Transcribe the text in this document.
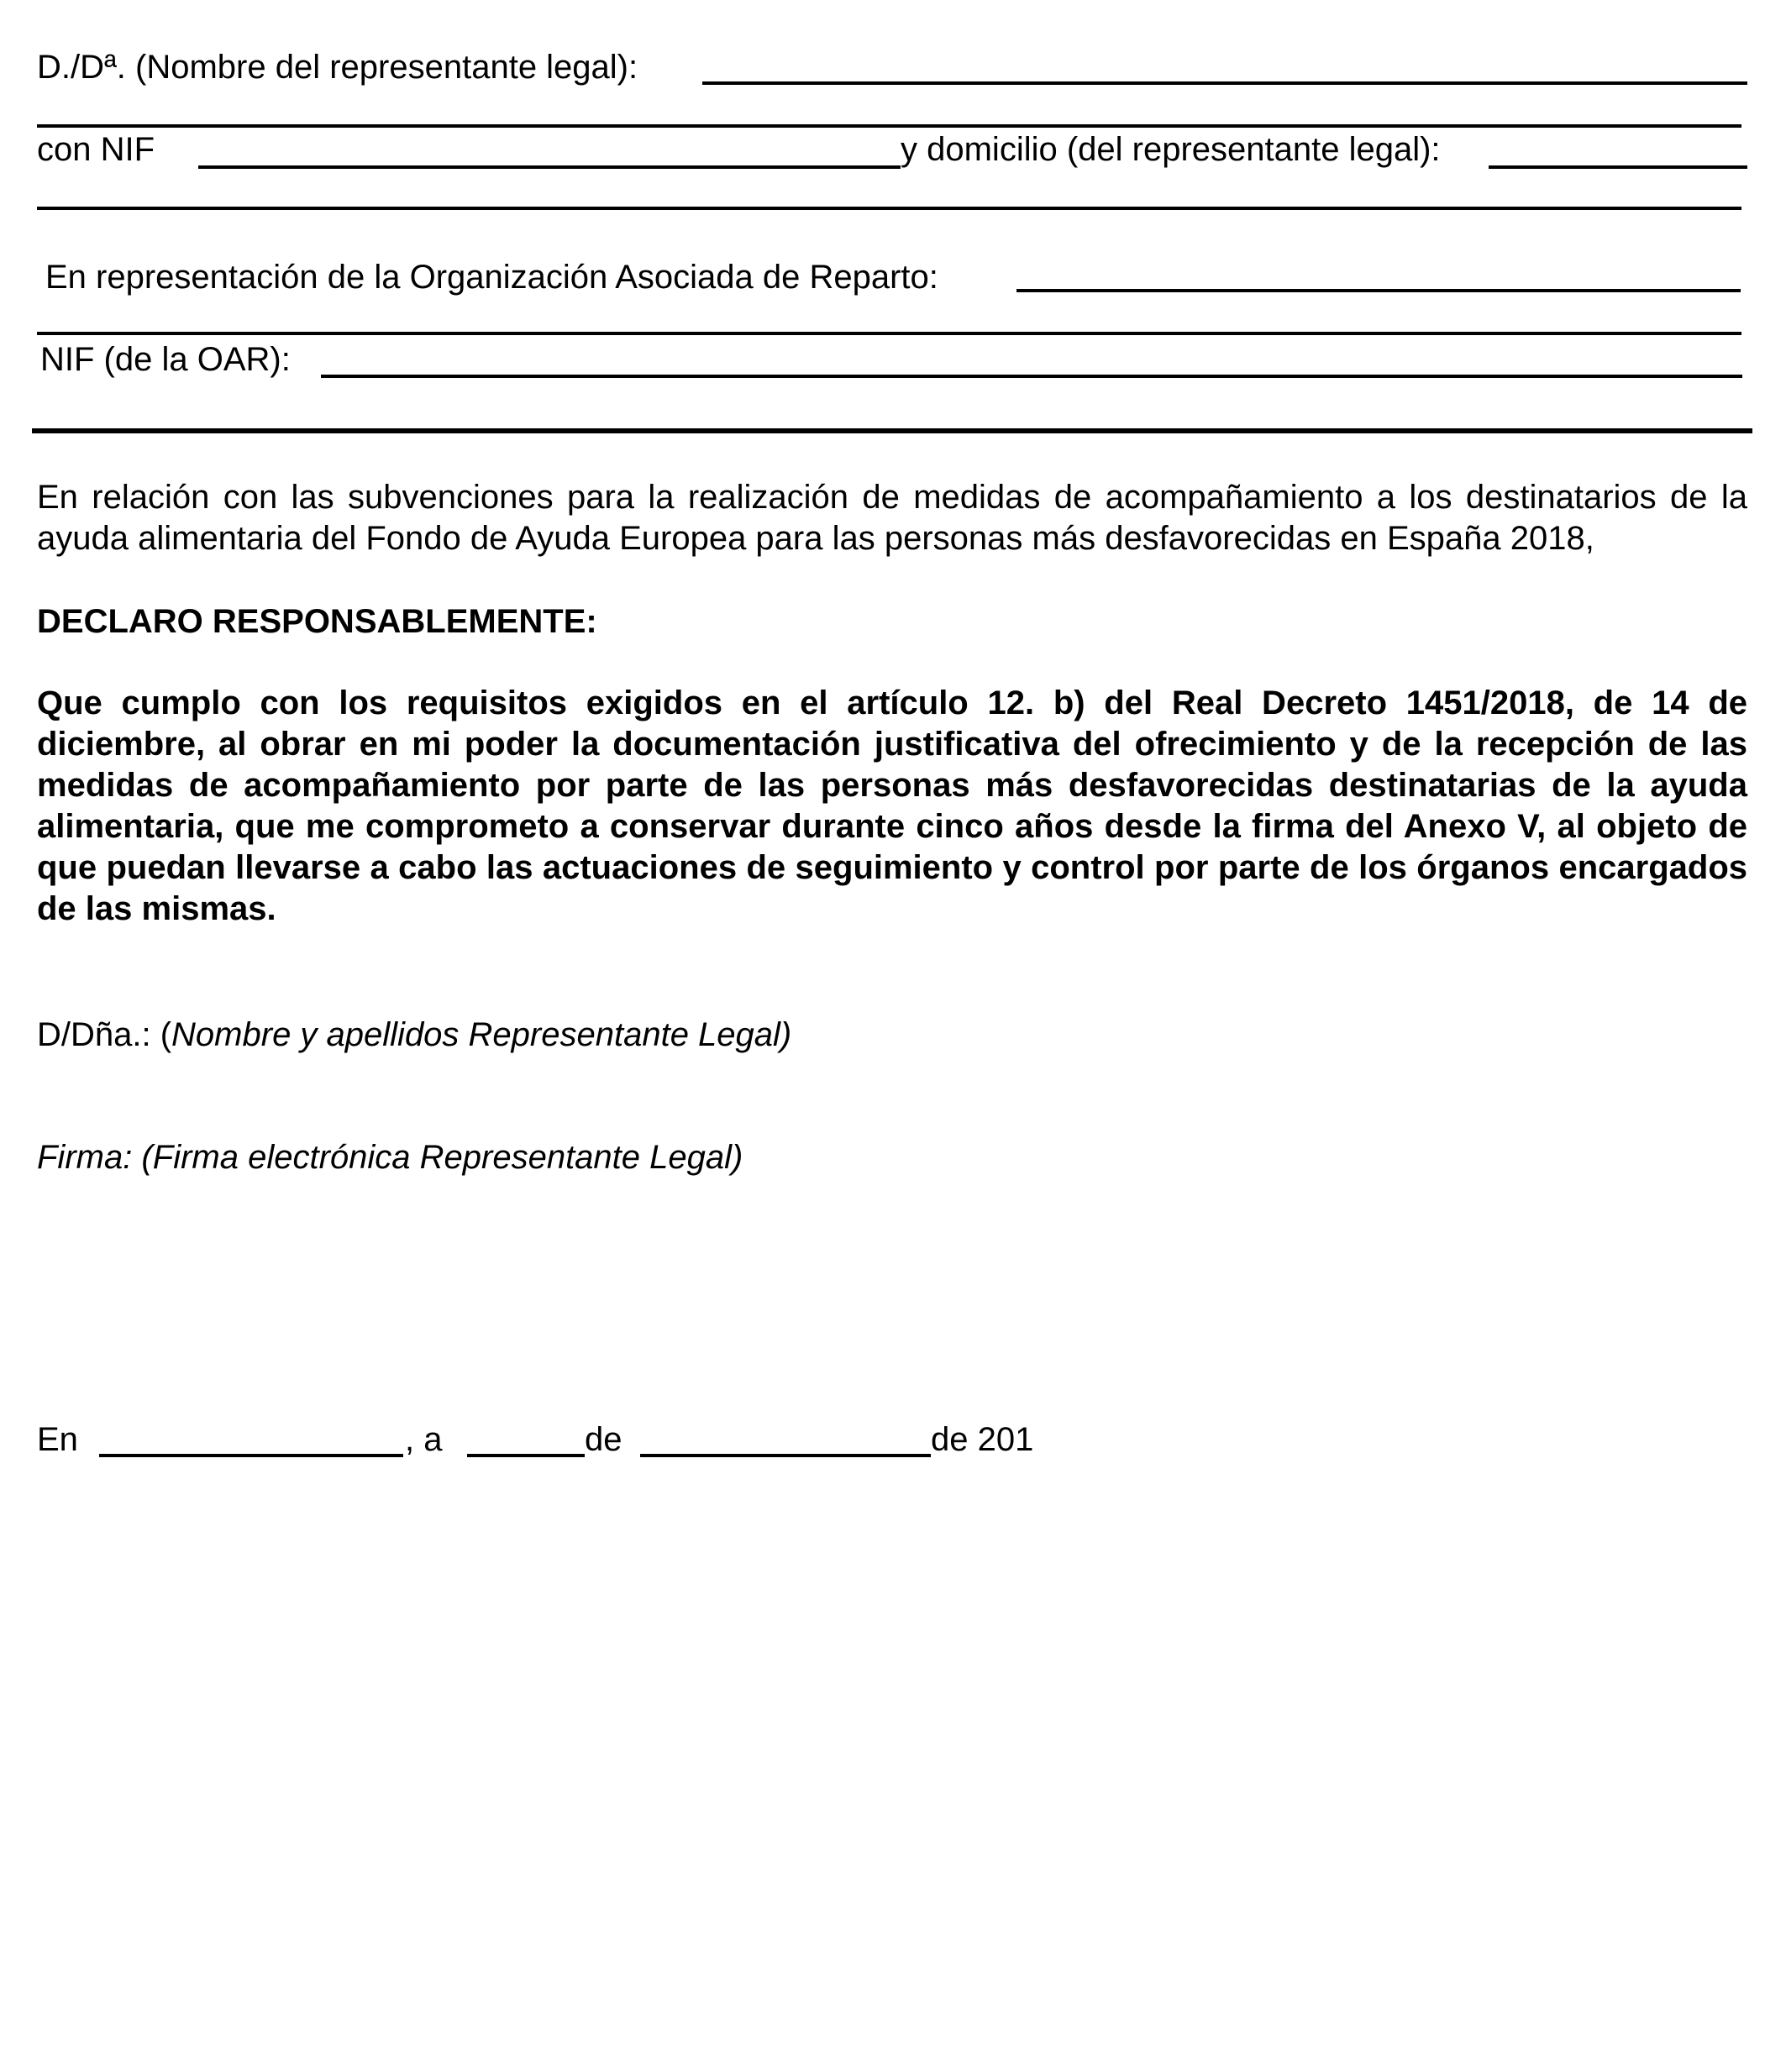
D./Dª. (Nombre del representante legal):
con NIF	y domicilio (del representante legal):
En representación de la Organización Asociada de Reparto:
NIF (de la OAR):
En relación con las subvenciones para la realización de medidas de acompañamiento a los destinatarios de la ayuda alimentaria del Fondo de Ayuda Europea para las personas más desfavorecidas en España 2018,
DECLARO RESPONSABLEMENTE:
Que cumplo con los requisitos exigidos en el artículo 12. b) del Real Decreto 1451/2018, de 14 de diciembre, al obrar en mi poder la documentación justificativa del ofrecimiento y de la recepción de las medidas de acompañamiento por parte de las personas más desfavorecidas destinatarias de la ayuda alimentaria, que me comprometo a conservar durante cinco años desde la firma del Anexo V, al objeto de que puedan llevarse a cabo las actuaciones de seguimiento y control por parte de los órganos encargados de las mismas.
D/Dña.: (Nombre y apellidos Representante Legal)
Firma: (Firma electrónica Representante Legal)
En	, a	de	de 201
